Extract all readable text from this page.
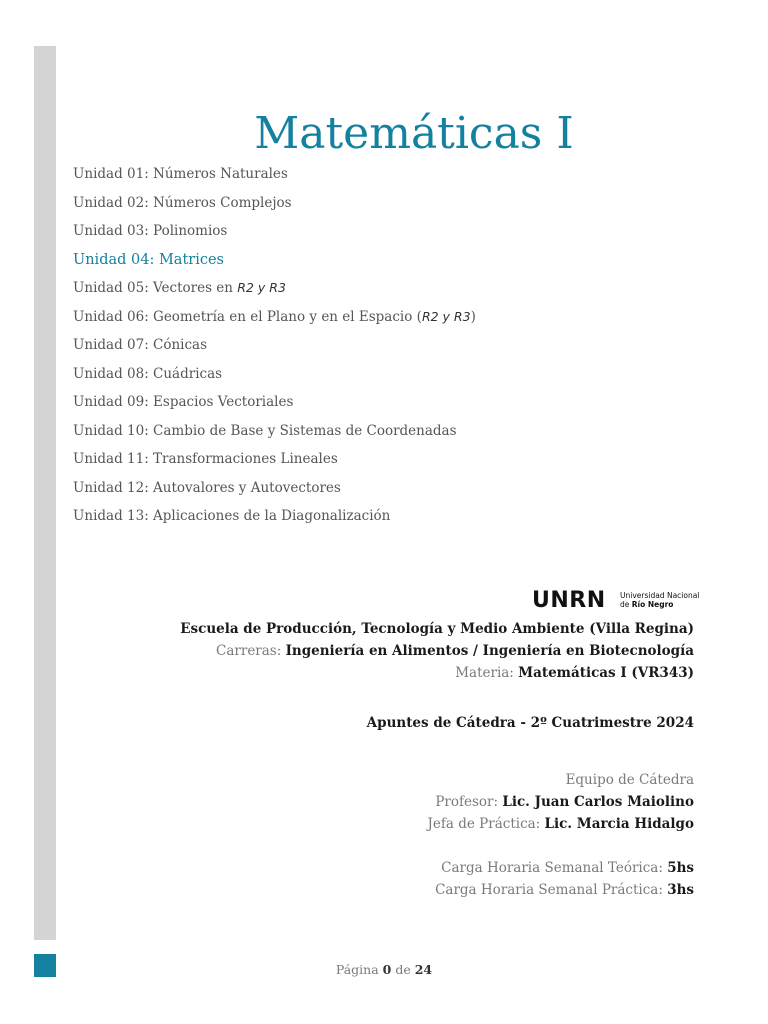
Matemáticas I
Unidad 01: Números Naturales
Unidad 02: Números Complejos
Unidad 03: Polinomios
Unidad 04: Matrices
Unidad 05: Vectores en R2 y R3
Unidad 06: Geometría en el Plano y en el Espacio (R2 y R3)
Unidad 07: Cónicas
Unidad 08: Cuádricas
Unidad 09: Espacios Vectoriales
Unidad 10: Cambio de Base y Sistemas de Coordenadas
Unidad 11: Transformaciones Lineales
Unidad 12: Autovalores y Autovectores
Unidad 13: Aplicaciones de la Diagonalización
UNRN Universidad Nacional
de Río Negro
Escuela de Producción, Tecnología y Medio Ambiente (Villa Regina)
Carreras: Ingeniería en Alimentos / Ingeniería en Biotecnología
Materia: Matemáticas I (VR343)
Apuntes de Cátedra - 2º Cuatrimestre 2024
Equipo de Cátedra
Profesor: Lic. Juan Carlos Maiolino
Jefa de Práctica: Lic. Marcia Hidalgo
Carga Horaria Semanal Teórica: 5hs
Carga Horaria Semanal Práctica: 3hs
Página 0 de 24
